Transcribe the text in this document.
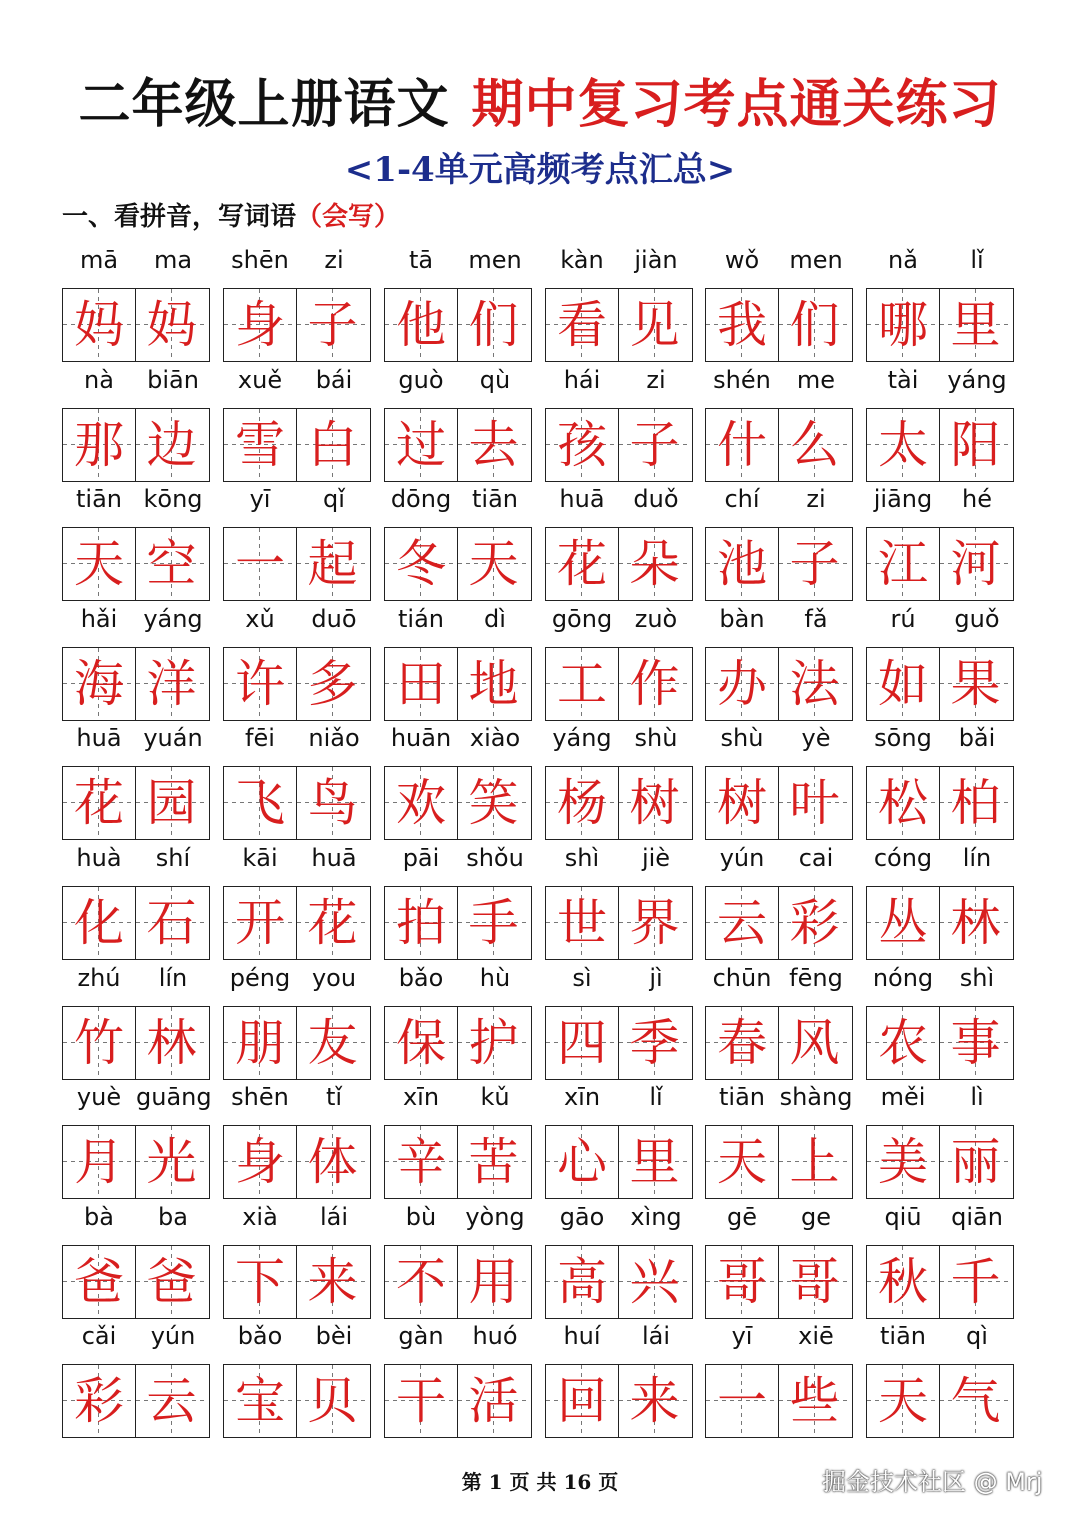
二年级上册语文 期中复习考点通关练习
<1-4单元高频考点汇总>
一、看拼音，写词语（会写）
mā	ma
妈 妈
shēn	zi
身 子
tā	men
他 们
kàn	jiàn
看 见
wǒ	men
我 们
nǎ	lǐ
哪 里
nà	biān
那 边
xuě	bái
雪 白
guò	qù
过 去
hái	zi
孩 子
shén	me
什 么
tài	yáng
太 阳
tiān kōng
天 空
yī	qǐ
一 起
dōng tiān
冬 天
huā	duǒ
花 朵
chí	zi
池 子
jiāng	hé
江 河
hǎi	yáng
海 洋
xǔ	duō
许 多
tián	dì
田 地
gōng zuò
工 作
bàn	fǎ
办 法
rú	guǒ
如 果
huā yuán
花 园
fēi	niǎo
飞 鸟
huān xiào
欢 笑
yáng shù
杨 树
shù	yè
树 叶
sōng	bǎi
松 柏
huà	shí
化 石
kāi	huā
开 花
pāi	shǒu
拍 手
shì	jiè
世 界
yún	cai
云 彩
cóng	lín
丛 林
zhú	lín
竹 林
péng you
朋 友
bǎo	hù
保 护
sì	jì
四 季
chūn fēng
春 风
nóng	shì
农 事
yuè guāng
月 光
shēn	tǐ
身 体
xīn	kǔ
辛 苦
xīn	lǐ
心 里
tiān shàng
天 上
měi	lì
美 丽
bà	ba
爸 爸
xià	lái
下 来
bù	yòng
不 用
gāo	xìng
高 兴
gē	ge
哥 哥
qiū	qiān
秋 千
cǎi	yún
彩 云
bǎo	bèi
宝 贝
gàn	huó
干 活
huí	lái
回 来
yī	xiē
一 些
tiān	qì
天 气
第 1 页 共 16 页	掘金技术社区 @ Mrj
